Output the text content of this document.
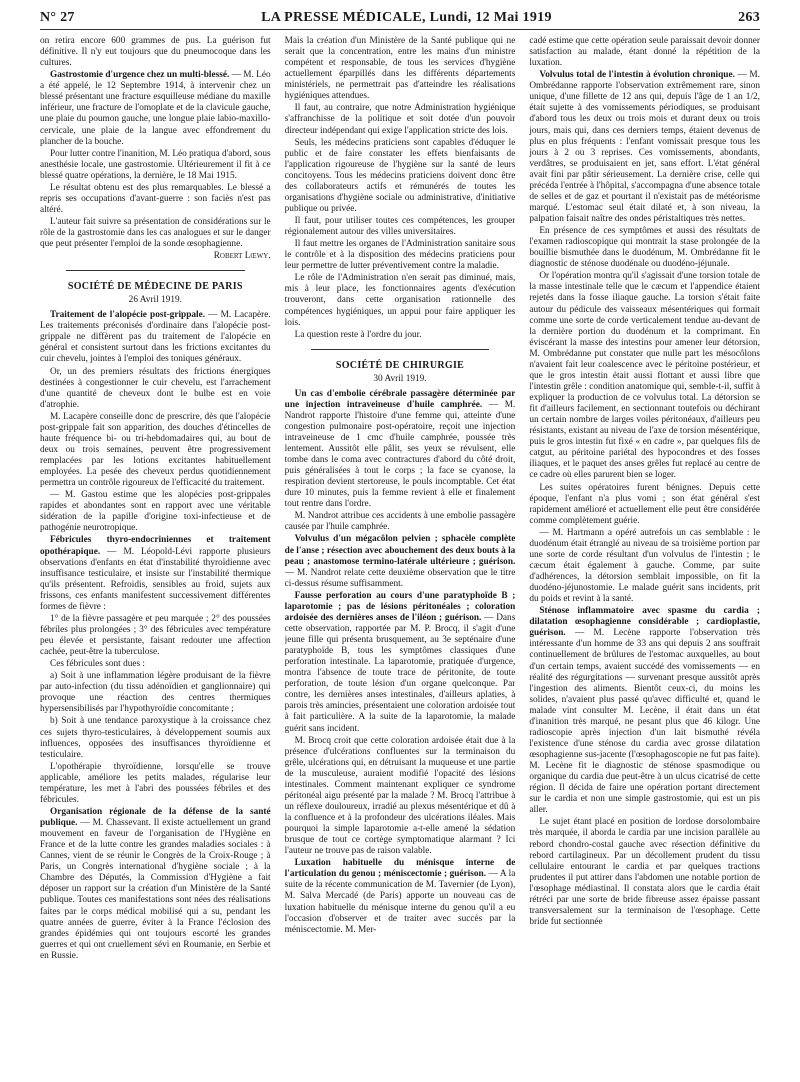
N° 27	LA PRESSE MÉDICALE, Lundi, 12 Mai 1919	263

on retira encore 600 grammes de pus. La guérison fut définitive. Il n'y eut toujours que du pneumocoque dans les cultures.

Gastrostomie d'urgence chez un multi-blessé. — M. Léo a été appelé, le 12 Septembre 1914, à intervenir chez un blessé présentant une fracture esquilleuse médiane du maxille inférieur, une fracture de l'omoplate et de la clavicule gauche, une plaie du poumon gauche, une longue plaie labio-maxillo-cervicale, une plaie de la langue avec effondrement du plancher de la bouche.

Pour lutter contre l'inanition, M. Léo pratiqua d'abord, sous anesthésie locale, une gastrostomie. Ultérieurement il fit à ce blessé quatre opérations, la dernière, le 18 Mai 1915.

Le résultat obtenu est des plus remarquables. Le blessé a repris ses occupations d'avant-guerre : son faciès n'est pas altéré.

L'auteur fait suivre sa présentation de considérations sur le rôle de la gastrostomie dans les cas analogues et sur le danger que peut présenter l'emploi de la sonde œsophagienne.

Robert Lœwy.
SOCIÉTÉ DE MÉDECINE DE PARIS
26 Avril 1919.

Traitement de l'alopécie post-grippale. — M. Lacapère. Les traitements préconisés d'ordinaire dans l'alopécie post-grippale ne diffèrent pas du traitement de l'alopécie en général et consistent surtout dans les frictions excitantes du cuir chevelu, jointes à l'emploi des toniques généraux.

Or, un des premiers résultats des frictions énergiques destinées à congestionner le cuir chevelu, est l'arrachement d'une quantité de cheveux dont le bulbe est en voie d'atrophie.

M. Lacapère conseille donc de prescrire, dès que l'alopécie post-grippale fait son apparition, des douches d'étincelles de haute fréquence bi- ou tri-hebdomadaires qui, au bout de deux ou trois semaines, peuvent être progressivement remplacées par les lotions excitantes habituellement employées. La pesée des cheveux perdus quotidiennement permettra un contrôle rigoureux de l'efficacité du traitement.

— M. Gastou estime que les alopécies post-grippales rapides et abondantes sont en rapport avec une véritable sidération de la papille d'origine toxi-infectieuse et de pathogénie neurotropique.

Fébricules thyro-endocriniennes et traitement opothérapique. — M. Léopold-Lévi rapporte plusieurs observations d'enfants en état d'instabilité thyroïdienne avec insuffisance testiculaire, et insiste sur l'instabilité thermique qu'ils présentent. Refroidis, sensibles au froid, sujets aux frissons, ces enfants manifestent successivement différentes formes de fièvre :

1° de la fièvre passagère et peu marquée ; 2° des poussées fébriles plus prolongées ; 3° des fébricules avec température peu élevée et persistante, faisant redouter une affection cachée, peut-être la tuberculose.

Ces fébricules sont dues :

a) Soit à une inflammation légère produisant de la fièvre par auto-infection (du tissu adénoïdien et ganglionnaire) qui provoque une réaction des centres thermiques hypersensibilisés par l'hypothyroïdie concomitante ;

b) Soit à une tendance paroxystique à la croissance chez ces sujets thyro-testiculaires, à développement soumis aux influences, opposées des insuffisances thyroïdienne et testiculaire.

L'opothérapie thyroïdienne, lorsqu'elle se trouve applicable, améliore les petits malades, régularise leur température, les met à l'abri des poussées fébriles et des fébricules.

Organisation régionale de la défense de la santé publique. — M. Chassevant. Il existe actuellement un grand mouvement en faveur de l'organisation de l'Hygiène en France et de la lutte contre les grandes maladies sociales : à Cannes, vient de se réunir le Congrès de la Croix-Rouge ; à Paris, un Congrès international d'hygiène sociale ; à la Chambre des Députés, la Commission d'Hygiène a fait déposer un rapport sur la création d'un Ministère de la Santé publique. Toutes ces manifestations sont nées des réalisations faites par le corps médical mobilisé qui a su, pendant les quatre années de guerre, éviter à la France l'éclosion des grandes épidémies qui ont toujours escorté les grandes guerres et qui ont cruellement sévi en Roumanie, en Serbie et en Russie.

Mais la création d'un Ministère de la Santé publique qui ne serait que la concentration, entre les mains d'un ministre compétent et responsable, de tous les services d'hygiène actuellement éparpillés dans les différents départements ministériels, ne permettrait pas d'atteindre les réalisations hygiéniques attendues.

Il faut, au contraire, que notre Administration hygiénique s'affranchisse de la politique et soit dotée d'un pouvoir directeur indépendant qui exige l'application stricte des lois.

Seuls, les médecins praticiens sont capables d'éduquer le public et de faire constater les effets bienfaisants de l'application rigoureuse de l'hygiène sur la santé de leurs concitoyens. Tous les médecins praticiens doivent donc être des collaborateurs actifs et rémunérés de toutes les organisations d'hygiène sociale ou administrative, d'initiative publique ou privée.

Il faut, pour utiliser toutes ces compétences, les grouper régionalement autour des villes universitaires.

Il faut mettre les organes de l'Administration sanitaire sous le contrôle et à la disposition des médecins praticiens pour leur permettre de lutter préventivement contre la maladie.

Le rôle de l'Administration n'en serait pas diminué, mais, mis à leur place, les fonctionnaires agents d'exécution trouveront, dans cette organisation rationnelle des compétences hygiéniques, un appui pour faire appliquer les lois.

La question reste à l'ordre du jour.

SOCIÉTÉ DE CHIRURGIE
30 Avril 1919.

Un cas d'embolie cérébrale passagère déterminée par une injection intraveineuse d'huile camphrée. — M. Nandrot rapporte l'histoire d'une femme qui, atteinte d'une congestion pulmonaire post-opératoire, reçoit une injection intraveineuse de 1 cmc d'huile camphrée, poussée très lentement. Aussitôt elle pâlit, ses yeux se révulsent, elle tombe dans le coma avec contractures d'abord du côté droit, puis généralisées à tout le corps ; la face se cyanose, la respiration devient stertoreuse, le pouls incomptable. Cet état dure 10 minutes, puis la femme revient à elle et finalement tout rentre dans l'ordre.

M. Nandrot attribue ces accidents à une embolie passagère causée par l'huile camphrée.

Volvulus d'un mégacôlon pelvien ; sphacèle complète de l'anse ; résection avec abouchement des deux bouts à la peau ; anastomose termino-latérale ultérieure ; guérison. — M. Nandrot relate cette deuxième observation que le titre ci-dessus résume suffisamment.

Fausse perforation au cours d'une paratyphoïde B ; laparotomie ; pas de lésions péritonéales ; coloration ardoisée des dernières anses de l'iléon ; guérison. — Dans cette observation, rapportée par M. P. Brocq, il s'agit d'une jeune fille qui présenta brusquement, au 3e septénaire d'une paratyphoïde B, tous les symptômes classiques d'une perforation intestinale. La laparotomie, pratiquée d'urgence, montra l'absence de toute trace de péritonite, de toute perforation, de toute lésion d'un organe quelconque. Par contre, les dernières anses intestinales, d'ailleurs aplaties, à parois très amincies, présentaient une coloration ardoisée tout à fait particulière. A la suite de la laparotomie, la malade guérit sans incident.

M. Brocq croit que cette coloration ardoisée était due à la présence d'ulcérations confluentes sur la terminaison du grêle, ulcérations qui, en détruisant la muqueuse et une partie de la musculeuse, auraient modifié l'opacité des lésions intestinales. Comment maintenant expliquer ce syndrome péritonéal aigu présenté par la malade ? M. Brocq l'attribue à un réflexe douloureux, irradié au plexus mésentérique et dû à la confluence et à la profondeur des ulcérations iléales. Mais pourquoi la simple laparotomie a-t-elle amené la sédation brusque de tout ce cortège symptomatique alarmant ? Ici l'auteur ne trouve pas de raison valable.

Luxation habituelle du ménisque interne de l'articulation du genou ; méniscectomie ; guérison. — A la suite de la récente communication de M. Tavernier (de Lyon), M. Salva Mercadé (de Paris) apporte un nouveau cas de luxation habituelle du ménisque interne du genou qu'il a eu l'occasion d'observer et de traiter avec succès par la méniscectomie. M. Mer-

cadé estime que cette opération seule paraissait devoir donner satisfaction au malade, étant donné la répétition de la luxation.

Volvulus total de l'intestin à évolution chronique. — M. Ombrédanne rapporte l'observation extrêmement rare, sinon unique, d'une fillette de 12 ans qui, depuis l'âge de 1 an 1/2, était sujette à des vomissements périodiques, se produisant d'abord tous les deux ou trois mois et durant deux ou trois jours, mais qui, dans ces derniers temps, étaient devenus de plus en plus fréquents : l'enfant vomissait presque tous les jours à 2 ou 3 reprises. Ces vomissements, abondants, verdâtres, se produisaient en jet, sans effort. L'état général avait fini par pâtir sérieusement. La dernière crise, celle qui précéda l'entrée à l'hôpital, s'accompagna d'une absence totale de selles et de gaz et pourtant il n'existait pas de météorisme marqué. L'estomac seul était dilaté et, à son niveau, la palpation faisait naître des ondes péristaltiques très nettes.

En présence de ces symptômes et aussi des résultats de l'examen radioscopique qui montrait la stase prolongée de la bouillie bismuthée dans le duodénum, M. Ombrédanne fit le diagnostic de sténose duodénale ou duodéno-jéjunale.

Or l'opération montra qu'il s'agissait d'une torsion totale de la masse intestinale telle que le cæcum et l'appendice étaient rejetés dans la fosse iliaque gauche. La torsion s'était faite autour du pédicule des vaisseaux mésentériques qui formait comme une sorte de corde verticalement tendue au-devant de la dernière portion du duodénum et la comprimant. En éviscérant la masse des intestins pour amener leur détorsion, M. Ombrédanne put constater que nulle part les mésocôlons n'avaient fait leur coalescence avec le péritoine postérieur, et que le gros intestin était aussi flottant et aussi libre que l'intestin grêle : condition anatomique qui, semble-t-il, suffit à expliquer la production de ce volvulus total. La détorsion se fit d'ailleurs facilement, en sectionnant toutefois ou déchirant un certain nombre de larges voiles péritonéaux, d'ailleurs peu résistants, existant au niveau de l'axe de torsion mésentérique, puis le gros intestin fut fixé « en cadre », par quelques fils de catgut, au péritoine pariétal des hypocondres et des fosses iliaques, et le paquet des anses grêles fut replacé au centre de ce cadre où elles parurent bien se loger.

Les suites opératoires furent bénignes. Depuis cette époque, l'enfant n'a plus vomi ; son état général s'est rapidement amélioré et actuellement elle peut être considérée comme complètement guérie.

— M. Hartmann a opéré autrefois un cas semblable : le duodénum était étranglé au niveau de sa troisième portion par une sorte de corde résultant d'un volvulus de l'intestin ; le cæcum était également à gauche. Comme, par suite d'adhérences, la détorsion semblait impossible, on fit la duodéno-jéjunostomie. Le malade guérit sans incidents, prit du poids et revint à la santé.

Sténose inflammatoire avec spasme du cardia ; dilatation œsophagienne considérable ; cardioplastie, guérison. — M. Lecène rapporte l'observation très intéressante d'un homme de 33 ans qui depuis 2 ans souffrait continuellement de brûlures de l'estomac auxquelles, au bout d'un certain temps, avaient succédé des vomissements — en réalité des régurgitations — survenant presque aussitôt après l'ingestion des aliments. Bientôt ceux-ci, du moins les solides, n'avaient plus passé qu'avec difficulté et, quand le malade vint consulter M. Lecène, il était dans un état d'inanition très marqué, ne pesant plus que 46 kilogr. Une radioscopie après injection d'un lait bismuthé révéla l'existence d'une sténose du cardia avec grosse dilatation œsophagienne sus-jacente (l'œsophagoscopie ne fut pas faite). M. Lecène fit le diagnostic de sténose spasmodique ou organique du cardia due peut-être à un ulcus cicatrisé de cette région. Il décida de faire une opération portant directement sur le cardia et non une simple gastrostomie, qui est un pis aller.

Le sujet étant placé en position de lordose dorsolombaire très marquée, il aborda le cardia par une incision parallèle au rebord chondro-costal gauche avec résection définitive du rebord cartilagineux. Par un décollement prudent du tissu cellulaire entourant le cardia et par quelques tractions prudentes il put attirer dans l'abdomen une notable portion de l'œsophage médiastinal. Il constata alors que le cardia était rétréci par une sorte de bride fibreuse assez épaisse passant transversalement sur la terminaison de l'œsophage. Cette bride fut sectionnée
